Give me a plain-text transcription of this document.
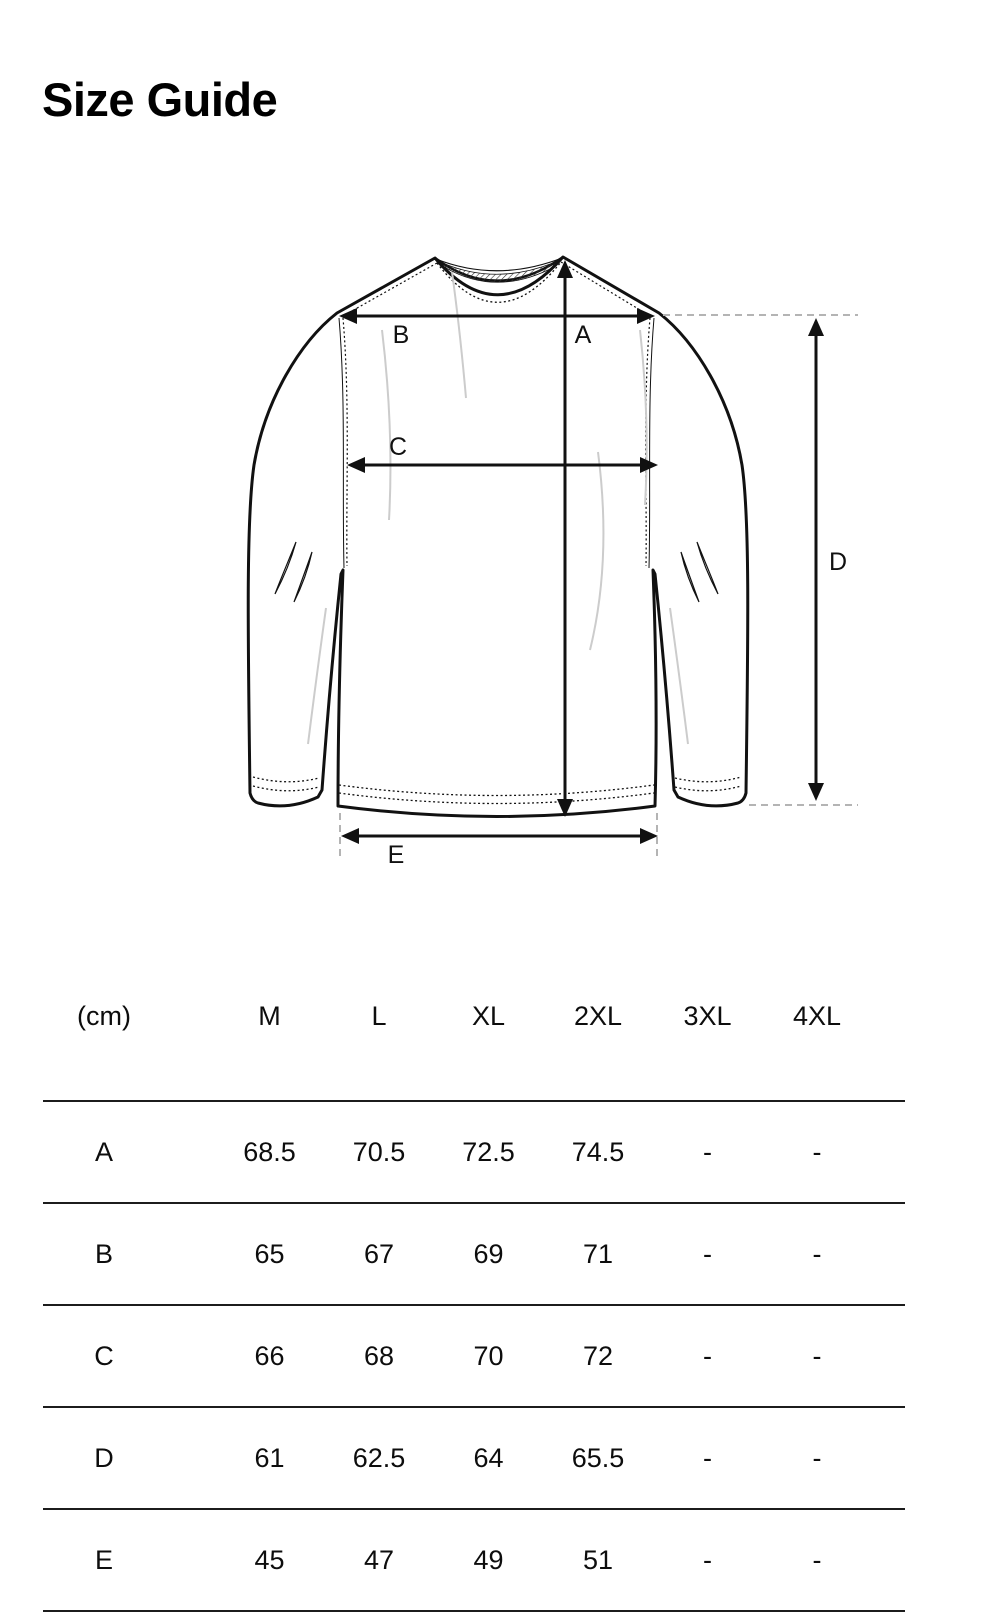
Size Guide
B	A
C
D
E
(cm)		M	L	XL	2XL	3XL	4XL	
A		68.5	70.5	72.5	74.5	-	-	
B		65	67	69	71	-	-	
C		66	68	70	72	-	-	
D		61	62.5	64	65.5	-	-	
E		45	47	49	51	-	-	
